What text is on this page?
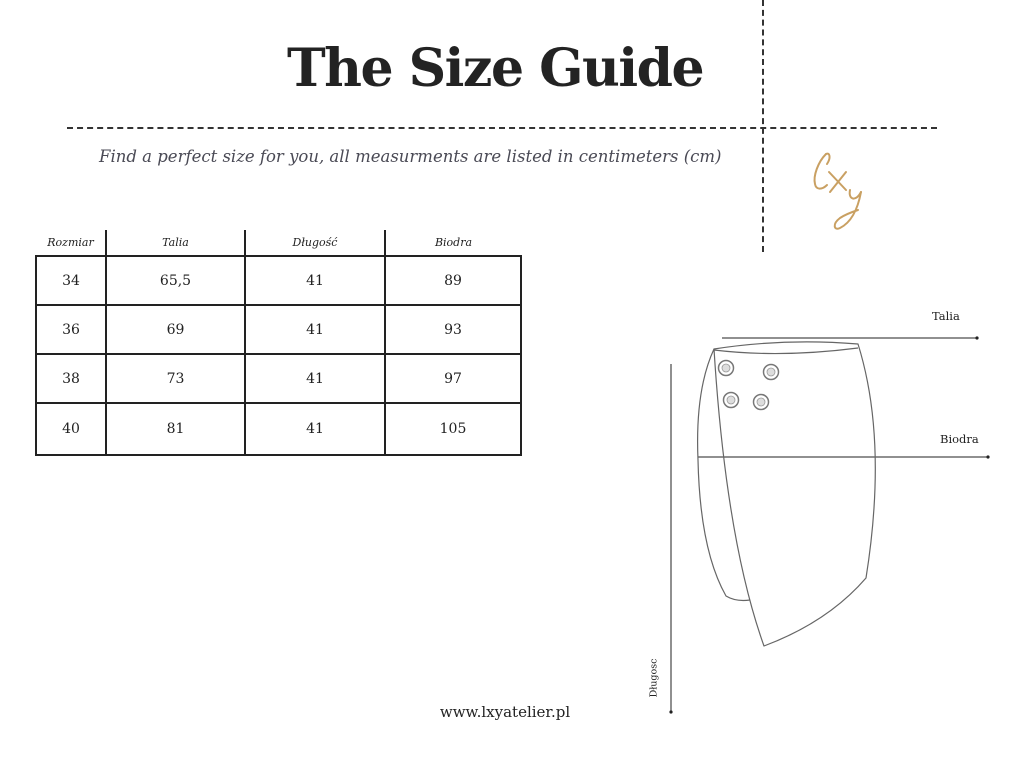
The Size Guide
Find a perfect size for you, all measurments are listed in centimeters (cm)
Rozmiar	Talia	Długość	Biodra
34	65,5	41	89
36	69	41	93
38	73	41	97
40	81	41	105
Talia
Biodra
Długosc
www.lxyatelier.pl
